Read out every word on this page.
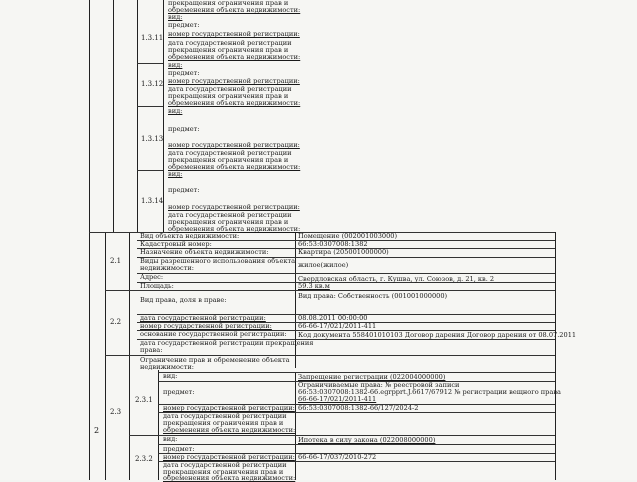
прекращения ограничения прав и
обременения объекта недвижимости:
вид:
1.3.11
предмет:
номер государственной регистрации:
дата государственной регистрации
прекращения ограничения прав и
обременения объекта недвижимости:
вид:
1.3.12
предмет:
номер государственной регистрации:
дата государственной регистрации
прекращения ограничения прав и
обременения объекта недвижимости:
вид:
1.3.13
предмет:
номер государственной регистрации:
дата государственной регистрации
прекращения ограничения прав и
обременения объекта недвижимости:
вид:
1.3.14
предмет:
номер государственной регистрации:
дата государственной регистрации
прекращения ограничения прав и
обременения объекта недвижимости:
2
2.1
Вид объекта недвижимости:	Помещение (002001003000)
Кадастровый номер:	66:53:0307008:1382
Назначение объекта недвижимости:	Квартира (205001000000)
Виды разрешенного использования объекта
недвижимости:	жилое(жилое)
Адрес:	Свердловская область, г. Кушва, ул. Союзов, д. 21, кв. 2
Площадь:	59.3 кв.м
2.2
Вид права, доля в праве:	Вид права: Собственность (001001000000)
дата государственной регистрации:	08.08.2011 00:00:00
номер государственной регистрации:	66-66-17/021/2011-411
основание государственной регистрации: Код документа 558401010103 Договор дарения Договор дарения от 08.07.2011
дата государственной регистрации прекращения
права:
2.3
Ограничение прав и обременение объекта
недвижимости:
2.3.1
вид:	Запрещение регистрации (022004000000)
предмет:
Ограничиваемые права: № реестровой записи
66:53:0307008:1382-66.egrpprt.J.6617/67912 № регистрации вещного права
66-66-17/021/2011-411
номер государственной регистрации: 66:53:0307008:1382-66/127/2024-2
дата государственной регистрации
прекращения ограничения прав и
обременения объекта недвижимости:
2.3.2
вид:	Ипотека в силу закона (022008000000)
предмет:
номер государственной регистрации: 66-66-17/037/2010-272
дата государственной регистрации
прекращения ограничения прав и
обременения объекта недвижимости:
